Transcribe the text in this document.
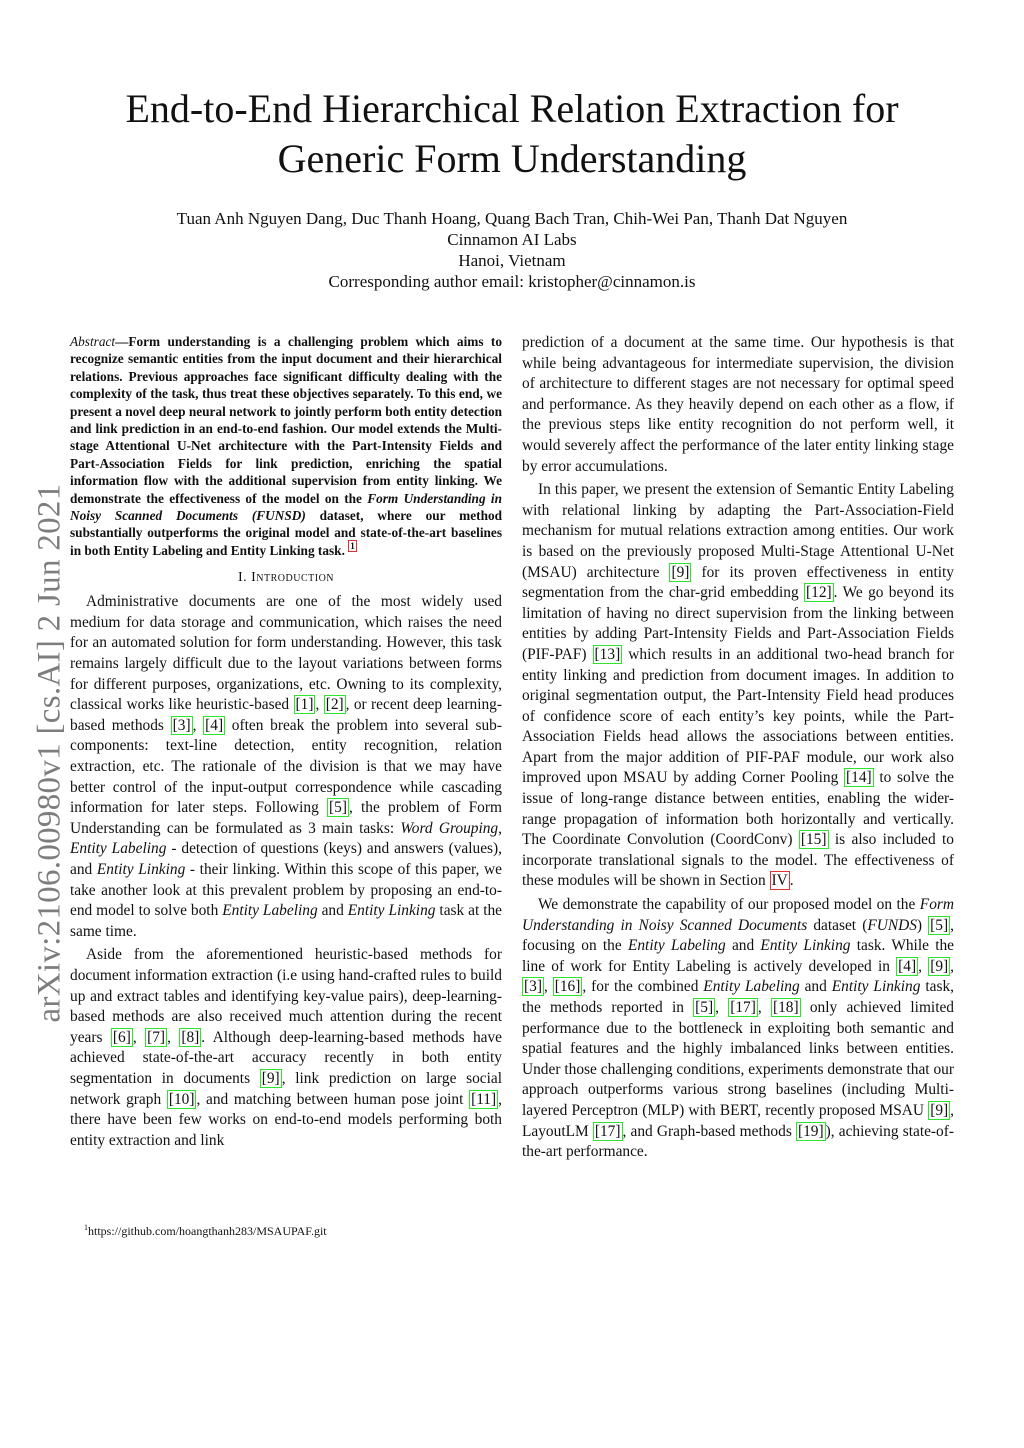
End-to-End Hierarchical Relation Extraction for
Generic Form Understanding
Tuan Anh Nguyen Dang, Duc Thanh Hoang, Quang Bach Tran, Chih-Wei Pan, Thanh Dat Nguyen
Cinnamon AI Labs
Hanoi, Vietnam
Corresponding author email: kristopher@cinnamon.is
arXiv:2106.00980v1 [cs.AI] 2 Jun 2021

Abstract—Form understanding is a challenging problem which aims to recognize semantic entities from the input document and their hierarchical relations. Previous approaches face significant difficulty dealing with the complexity of the task, thus treat these objectives separately. To this end, we present a novel deep neural network to jointly perform both entity detection and link prediction in an end-to-end fashion. Our model extends the Multi-stage Attentional U-Net architecture with the Part-Intensity Fields and Part-Association Fields for link prediction, enriching the spatial information flow with the additional supervision from entity linking. We demonstrate the effectiveness of the model on the Form Understanding in Noisy Scanned Documents (FUNSD) dataset, where our method substantially outperforms the original model and state-of-the-art baselines in both Entity Labeling and Entity Linking task. $^1$

I. Introduction

Administrative documents are one of the most widely used medium for data storage and communication, which raises the need for an automated solution for form understanding. However, this task remains largely difficult due to the layout variations between forms for different purposes, organizations, etc. Owning to its complexity, classical works like heuristic-based [1] , [2] , or recent deep learning-based methods [3] , [4] often break the problem into several sub-components: text-line detection, entity recognition, relation extraction, etc. The rationale of the division is that we may have better control of the input-output correspondence while cascading information for later steps. Following [5] , the problem of Form Understanding can be formulated as 3 main tasks: Word Grouping, Entity Labeling - detection of questions (keys) and answers (values), and Entity Linking - their linking. Within this scope of this paper, we take another look at this prevalent problem by proposing an end-to-end model to solve both Entity Labeling and Entity Linking task at the same time.

Aside from the aforementioned heuristic-based methods for document information extraction (i.e using hand-crafted rules to build up and extract tables and identifying key-value pairs), deep-learning-based methods are also received much attention during the recent years [6] , [7] , [8] . Although deep-learning-based methods have achieved state-of-the-art accuracy recently in both entity segmentation in documents [9] , link prediction on large social network graph [10] , and matching between human pose joint [11] , there have been few works on end-to-end models performing both entity extraction and link

$^1$https://github.com/hoangthanh283/MSAUPAF.git

prediction of a document at the same time. Our hypothesis is that while being advantageous for intermediate supervision, the division of architecture to different stages are not necessary for optimal speed and performance. As they heavily depend on each other as a flow, if the previous steps like entity recognition do not perform well, it would severely affect the performance of the later entity linking stage by error accumulations.

In this paper, we present the extension of Semantic Entity Labeling with relational linking by adapting the Part-Association-Field mechanism for mutual relations extraction among entities. Our work is based on the previously proposed Multi-Stage Attentional U-Net (MSAU) architecture [9] for its proven effectiveness in entity segmentation from the char-grid embedding [12] . We go beyond its limitation of having no direct supervision from the linking between entities by adding Part-Intensity Fields and Part-Association Fields (PIF-PAF) [13] which results in an additional two-head branch for entity linking and prediction from document images. In addition to original segmentation output, the Part-Intensity Field head produces of confidence score of each entity’s key points, while the Part-Association Fields head allows the associations between entities. Apart from the major addition of PIF-PAF module, our work also improved upon MSAU by adding Corner Pooling [14] to solve the issue of long-range distance between entities, enabling the wider-range propagation of information both horizontally and vertically. The Coordinate Convolution (CoordConv) [15] is also included to incorporate translational signals to the model. The effectiveness of these modules will be shown in Section IV .

We demonstrate the capability of our proposed model on the Form Understanding in Noisy Scanned Documents dataset (FUNDS) [5] , focusing on the Entity Labeling and Entity Linking task. While the line of work for Entity Labeling is actively developed in [4] , [9] , [3] , [16] , for the combined Entity Labeling and Entity Linking task, the methods reported in [5] , [17] , [18] only achieved limited performance due to the bottleneck in exploiting both semantic and spatial features and the highly imbalanced links between entities. Under those challenging conditions, experiments demonstrate that our approach outperforms various strong baselines (including Multi-layered Perceptron (MLP) with BERT, recently proposed MSAU [9] , LayoutLM [17] , and Graph-based methods [19] ), achieving state-of-the-art performance.
